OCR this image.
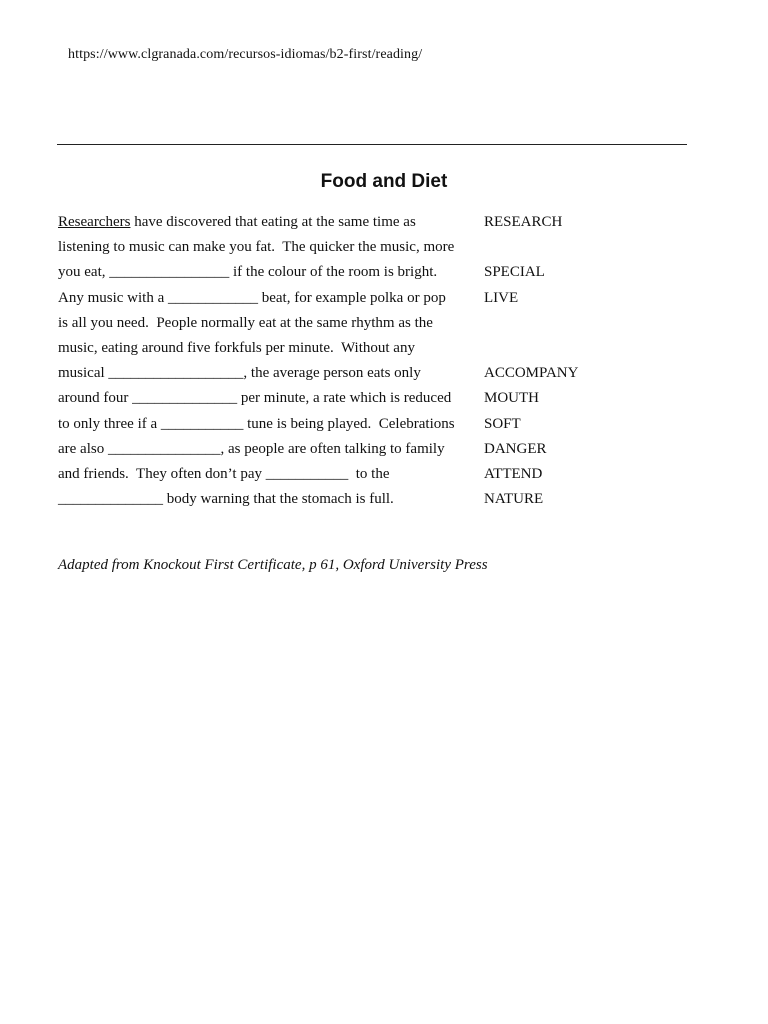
https://www.clgranada.com/recursos-idiomas/b2-first/reading/
Food and Diet
Researchers have discovered that eating at the same time as	RESEARCH
listening to music can make you fat.  The quicker the music, more
you eat, ________________ if the colour of the room is bright.	SPECIAL
Any music with a ____________ beat, for example polka or pop	LIVE
is all you need.  People normally eat at the same rhythm as the
music, eating around five forkfuls per minute.  Without any
musical __________________, the average person eats only	ACCOMPANY
around four ______________ per minute, a rate which is reduced MOUTH
to only three if a ___________ tune is being played.  Celebrations SOFT
are also _______________, as people are often talking to family	DANGER
and friends.  They often don’t pay ___________  to the	ATTEND
______________ body warning that the stomach is full.	NATURE
Adapted from Knockout First Certificate, p 61, Oxford University Press
